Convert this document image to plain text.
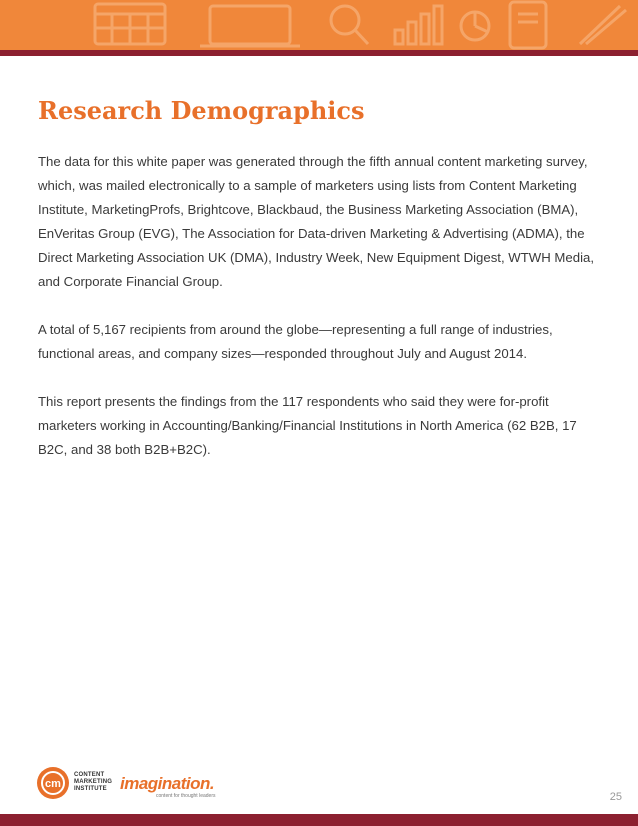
Research Demographics

The data for this white paper was generated through the fifth annual content marketing survey, which, was mailed electronically to a sample of marketers using lists from Content Marketing Institute, MarketingProfs, Brightcove, Blackbaud, the Business Marketing Association (BMA), EnVeritas Group (EVG), The Association for Data-driven Marketing & Advertising (ADMA), the Direct Marketing Association UK (DMA), Industry Week, New Equipment Digest, WTWH Media, and Corporate Financial Group.

A total of 5,167 recipients from around the globe—representing a full range of industries, functional areas, and company sizes—responded throughout July and August 2014.

This report presents the findings from the 117 respondents who said they were for-profit marketers working in Accounting/Banking/Financial Institutions in North America (62 B2B, 17 B2C, and 38 both B2B+B2C).

cm
CONTENT
MARKETING
INSTITUTE imagination.
content for thought leaders	25
